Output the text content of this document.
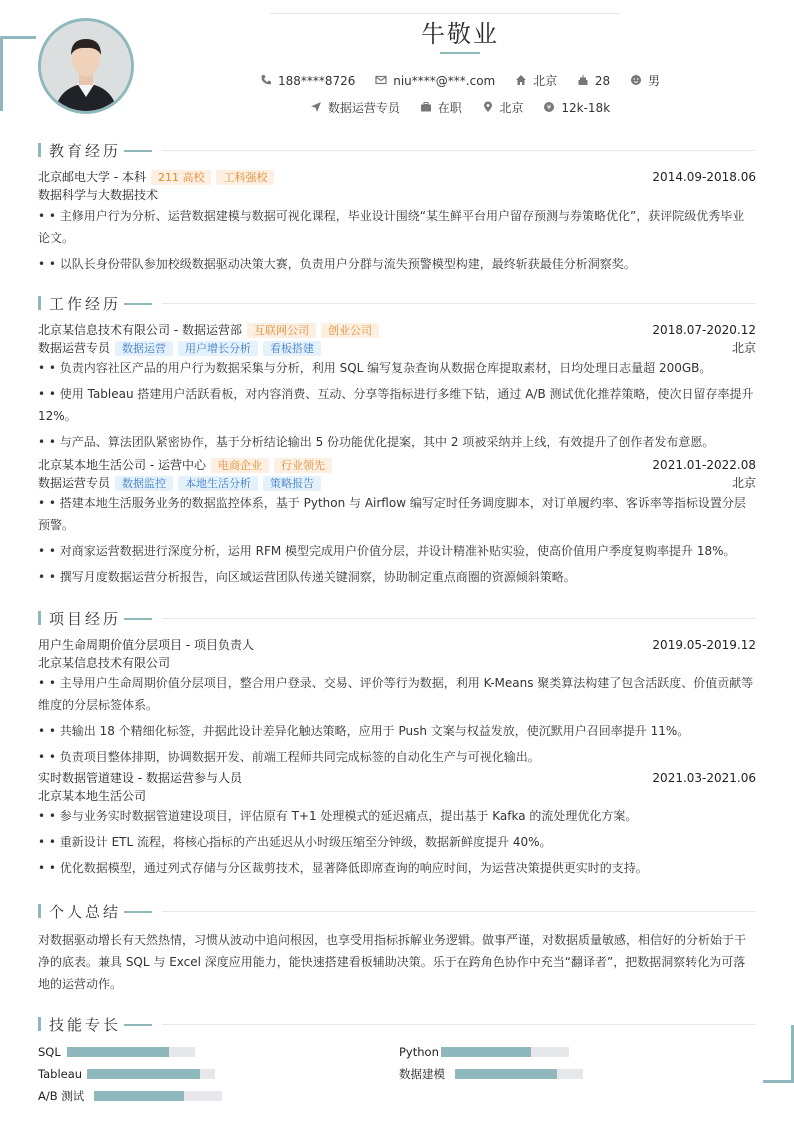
牛敬业
188****8726	niu****@***.com	北京	28	男
数据运营专员	在职	北京	¥ 12k-18k
教育经历
北京邮电大学 - 本科 211 高校 工科强校	2014.09-2018.06
数据科学与大数据技术
• • 主修用户行为分析、运营数据建模与数据可视化课程，毕业设计围绕“某生鲜平台用户留存预测与券策略优化”，获评院级优秀毕业论文。
• • 以队长身份带队参加校级数据驱动决策大赛，负责用户分群与流失预警模型构建，最终斩获最佳分析洞察奖。
工作经历
北京某信息技术有限公司 - 数据运营部 互联网公司 创业公司	2018.07-2020.12
数据运营专员 数据运营 用户增长分析 看板搭建	北京
• • 负责内容社区产品的用户行为数据采集与分析，利用 SQL 编写复杂查询从数据仓库提取素材，日均处理日志量超 200GB。
• • 使用 Tableau 搭建用户活跃看板，对内容消费、互动、分享等指标进行多维下钻，通过 A/B 测试优化推荐策略，使次日留存率提升 12%。
• • 与产品、算法团队紧密协作，基于分析结论输出 5 份功能优化提案，其中 2 项被采纳并上线，有效提升了创作者发布意愿。
北京某本地生活公司 - 运营中心 电商企业 行业领先	2021.01-2022.08
数据运营专员 数据监控 本地生活分析 策略报告	北京
• • 搭建本地生活服务业务的数据监控体系，基于 Python 与 Airflow 编写定时任务调度脚本，对订单履约率、客诉率等指标设置分层预警。
• • 对商家运营数据进行深度分析，运用 RFM 模型完成用户价值分层，并设计精准补贴实验，使高价值用户季度复购率提升 18%。
• • 撰写月度数据运营分析报告，向区域运营团队传递关键洞察，协助制定重点商圈的资源倾斜策略。
项目经历
用户生命周期价值分层项目 - 项目负责人	2019.05-2019.12
北京某信息技术有限公司
• • 主导用户生命周期价值分层项目，整合用户登录、交易、评价等行为数据，利用 K-Means 聚类算法构建了包含活跃度、价值贡献等维度的分层标签体系。
• • 共输出 18 个精细化标签，并据此设计差异化触达策略，应用于 Push 文案与权益发放，使沉默用户召回率提升 11%。
• • 负责项目整体排期，协调数据开发、前端工程师共同完成标签的自动化生产与可视化输出。
实时数据管道建设 - 数据运营参与人员	2021.03-2021.06
北京某本地生活公司
• • 参与业务实时数据管道建设项目，评估原有 T+1 处理模式的延迟痛点，提出基于 Kafka 的流处理优化方案。
• • 重新设计 ETL 流程，将核心指标的产出延迟从小时级压缩至分钟级，数据新鲜度提升 40%。
• • 优化数据模型，通过列式存储与分区裁剪技术，显著降低即席查询的响应时间，为运营决策提供更实时的支持。
个人总结
对数据驱动增长有天然热情，习惯从波动中追问根因，也享受用指标拆解业务逻辑。做事严谨，对数据质量敏感，相信好的分析始于干净的底表。兼具 SQL 与 Excel 深度应用能力，能快速搭建看板辅助决策。乐于在跨角色协作中充当“翻译者”，把数据洞察转化为可落地的运营动作。
技能专长
SQL	Python
Tableau	数据建模
A/B 测试
